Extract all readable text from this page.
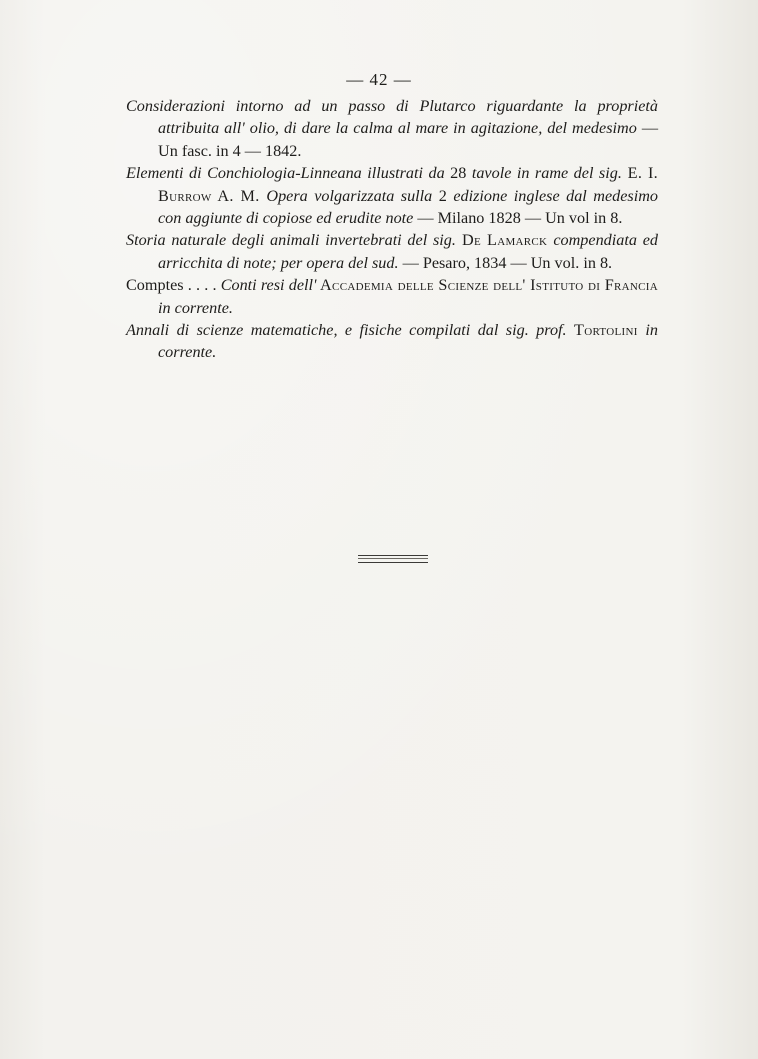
— 42 —

Considerazioni intorno ad un passo di Plutarco riguardante la proprietà attribuita all' olio, di dare la calma al mare in agitazione, del medesimo — Un fasc. in 4 — 1842.

Elementi di Conchiologia-Linneana illustrati da 28 tavole in rame del sig. E. I. Burrow A. M. Opera volgarizzata sulla 2 edizione inglese dal medesimo con aggiunte di copiose ed erudite note — Milano 1828 — Un vol in 8.

Storia naturale degli animali invertebrati del sig. De Lamarck compendiata ed arricchita di note; per opera del sud. — Pesaro, 1834 — Un vol. in 8.

Comptes . . . . Conti resi dell' Accademia delle Scienze dell' Istituto di Francia in corrente.

Annali di scienze matematiche, e fisiche compilati dal sig. prof. Tortolini in corrente.
